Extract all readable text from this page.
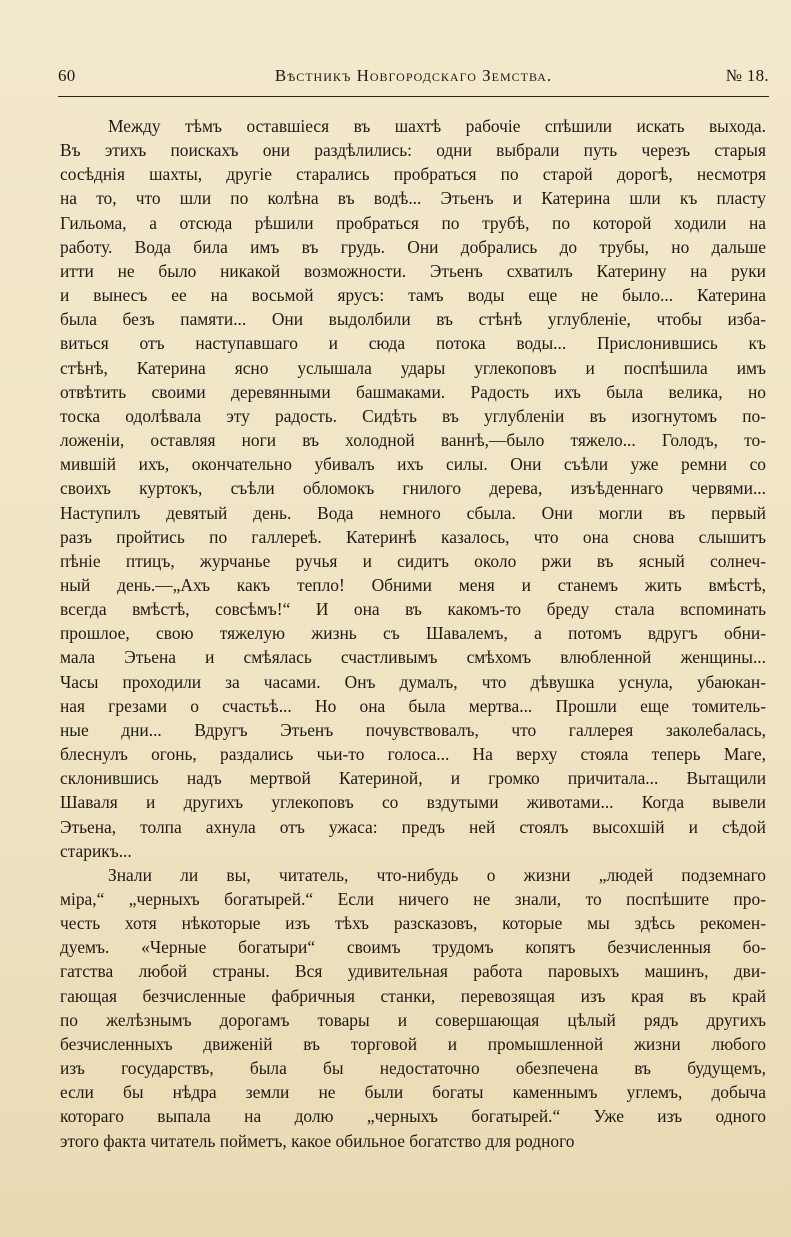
60	Вѣстникъ Новгородскаго Земства.	№ 18.
Между тѣмъ оставшіеся въ шахтѣ рабочіе спѣшили искать выхода.
Въ этихъ поискахъ они раздѣлились: одни выбрали путь черезъ старыя
сосѣднія шахты, другіе старались пробраться по старой дорогѣ, несмотря
на то, что шли по колѣна въ водѣ... Этьенъ и Катерина шли къ пласту
Гильома, а отсюда рѣшили пробраться по трубѣ, по которой ходили на
работу. Вода била имъ въ грудь. Они добрались до трубы, но дальше
итти не было никакой возможности. Этьенъ схватилъ Катерину на руки
и вынесъ ее на восьмой ярусъ: тамъ воды еще не было... Катерина
была безъ памяти... Они выдолбили въ стѣнѣ углубленіе, чтобы изба-
виться отъ наступавшаго и сюда потока воды... Прислонившись къ
стѣнѣ, Катерина ясно услышала удары углекоповъ и поспѣшила имъ
отвѣтить своими деревянными башмаками. Радость ихъ была велика, но
тоска одолѣвала эту радость. Сидѣть въ углубленіи въ изогнутомъ по-
ложеніи, оставляя ноги въ холодной ваннѣ,—было тяжело... Голодъ, то-
мившій ихъ, окончательно убивалъ ихъ силы. Они съѣли уже ремни со
своихъ куртокъ, съѣли обломокъ гнилого дерева, изъѣденнаго червями...
Наступилъ девятый день. Вода немного сбыла. Они могли въ первый
разъ пройтись по галлереѣ. Катеринѣ казалось, что она снова слышитъ
пѣніе птицъ, журчанье ручья и сидитъ около ржи въ ясный солнеч-
ный день.—„Ахъ какъ тепло! Обними меня и станемъ жить вмѣстѣ,
всегда вмѣстѣ, совсѣмъ!“ И она въ какомъ-то бреду стала вспоминать
прошлое, свою тяжелую жизнь съ Шавалемъ, а потомъ вдругъ обни-
мала Этьена и смѣялась счастливымъ смѣхомъ влюбленной женщины...
Часы проходили за часами. Онъ думалъ, что дѣвушка уснула, убаюкан-
ная грезами о счастьѣ... Но она была мертва... Прошли еще томитель-
ные дни... Вдругъ Этьенъ почувствовалъ, что галлерея заколебалась,
блеснулъ огонь, раздались чьи-то голоса... На верху стояла теперь Маге,
склонившись надъ мертвой Катериной, и громко причитала... Вытащили
Шаваля и другихъ углекоповъ со вздутыми животами... Когда вывели
Этьена, толпа ахнула отъ ужаса: предъ ней стоялъ высохшій и сѣдой
старикъ...
Знали ли вы, читатель, что-нибудь о жизни „людей подземнаго
міра,“ „черныхъ богатырей.“ Если ничего не знали, то поспѣшите про-
честь хотя нѣкоторые изъ тѣхъ разсказовъ, которые мы здѣсь рекомен-
дуемъ. «Черные богатыри“ своимъ трудомъ копятъ безчисленныя бо-
гатства любой страны. Вся удивительная работа паровыхъ машинъ, дви-
гающая безчисленные фабричныя станки, перевозящая изъ края въ край
по желѣзнымъ дорогамъ товары и совершающая цѣлый рядъ другихъ
безчисленныхъ движеній въ торговой и промышленной жизни любого
изъ государствъ, была бы недостаточно обезпечена въ будущемъ,
если бы нѣдра земли не были богаты каменнымъ углемъ, добыча
котораго выпала на долю „черныхъ богатырей.“ Уже изъ одного
этого факта читатель пойметъ, какое обильное богатство для родного
